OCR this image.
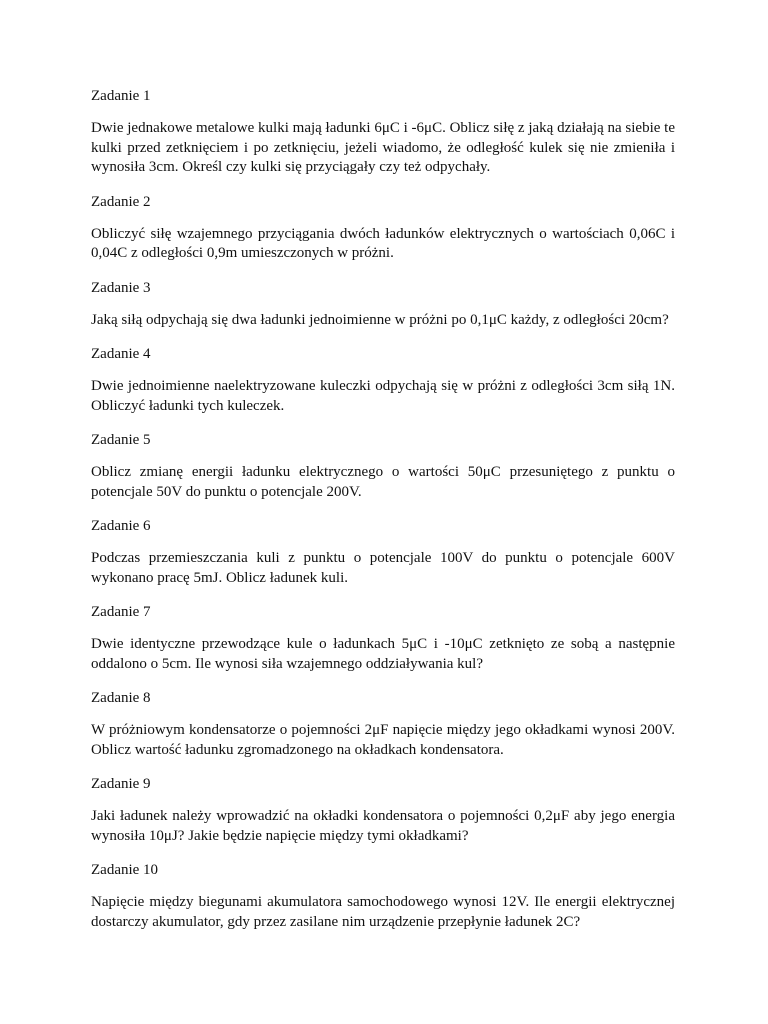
Zadanie 1

Dwie jednakowe metalowe kulki mają ładunki 6μC i -6μC. Oblicz siłę z jaką działają na siebie te kulki przed zetknięciem i po zetknięciu, jeżeli wiadomo, że odległość kulek się nie zmieniła i wynosiła 3cm. Określ czy kulki się przyciągały czy też odpychały.

Zadanie 2

Obliczyć siłę wzajemnego przyciągania dwóch ładunków elektrycznych o wartościach 0,06C i 0,04C z odległości 0,9m umieszczonych w próżni.

Zadanie 3

Jaką siłą odpychają się dwa ładunki jednoimienne w próżni po 0,1μC każdy, z odległości 20cm?

Zadanie 4

Dwie jednoimienne naelektryzowane kuleczki odpychają się w próżni z odległości 3cm siłą 1N. Obliczyć ładunki tych kuleczek.

Zadanie 5

Oblicz zmianę energii ładunku elektrycznego o wartości 50μC przesuniętego z punktu o potencjale 50V do punktu o potencjale 200V.

Zadanie 6

Podczas przemieszczania kuli z punktu o potencjale 100V do punktu o potencjale 600V wykonano pracę 5mJ. Oblicz ładunek kuli.

Zadanie 7

Dwie identyczne przewodzące kule o ładunkach 5μC i -10μC zetknięto ze sobą a następnie oddalono o 5cm. Ile wynosi siła wzajemnego oddziaływania kul?

Zadanie 8

W próżniowym kondensatorze o pojemności 2μF napięcie między jego okładkami wynosi 200V. Oblicz wartość ładunku zgromadzonego na okładkach kondensatora.

Zadanie 9

Jaki ładunek należy wprowadzić na okładki kondensatora o pojemności 0,2μF aby jego energia wynosiła 10μJ? Jakie będzie napięcie między tymi okładkami?

Zadanie 10

Napięcie między biegunami akumulatora samochodowego wynosi 12V. Ile energii elektrycznej dostarczy akumulator, gdy przez zasilane nim urządzenie przepłynie ładunek 2C?
